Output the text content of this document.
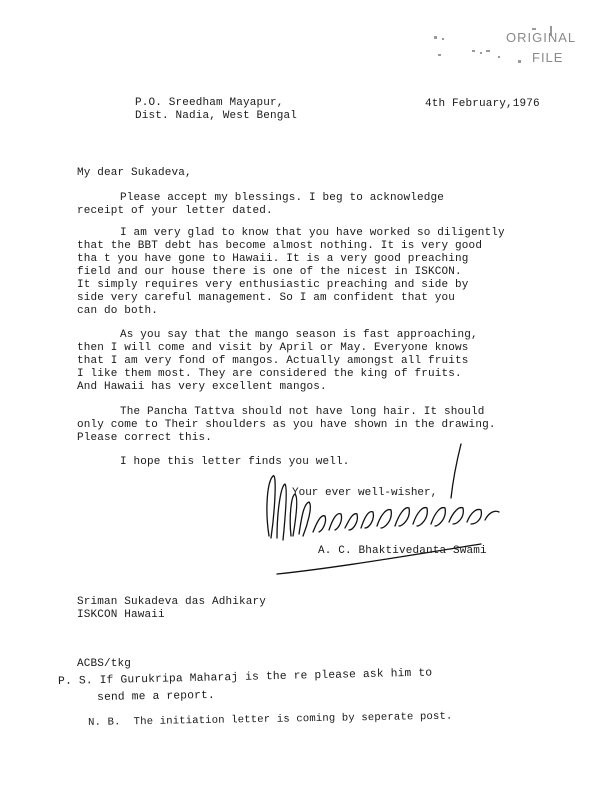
ORIGINAL
FILE
P.O. Sreedham Mayapur,
Dist. Nadia, West Bengal
4th February,1976
My dear Sukadeva,
Please accept my blessings. I beg to acknowledge
receipt of your letter dated.
I am very glad to know that you have worked so diligently
that the BBT debt has become almost nothing. It is very good
tha t you have gone to Hawaii. It is a very good preaching
field and our house there is one of the nicest in ISKCON.
It simply requires very enthusiastic preaching and side by
side very careful management. So I am confident that you
can do both.
As you say that the mango season is fast approaching,
then I will come and visit by April or May. Everyone knows
that I am very fond of mangos. Actually amongst all fruits
I like them most. They are considered the king of fruits.
And Hawaii has very excellent mangos.
The Pancha Tattva should not have long hair. It should
only come to Their shoulders as you have shown in the drawing.
Please correct this.
I hope this letter finds you well.
Your ever well-wisher,
A. C. Bhaktivedanta Swami
Sriman Sukadeva das Adhikary
ISKCON Hawaii
ACBS/tkg
P. S. If Gurukripa Maharaj is the re please ask him to
send me a report.
N. B.  The initiation letter is coming by seperate post.
